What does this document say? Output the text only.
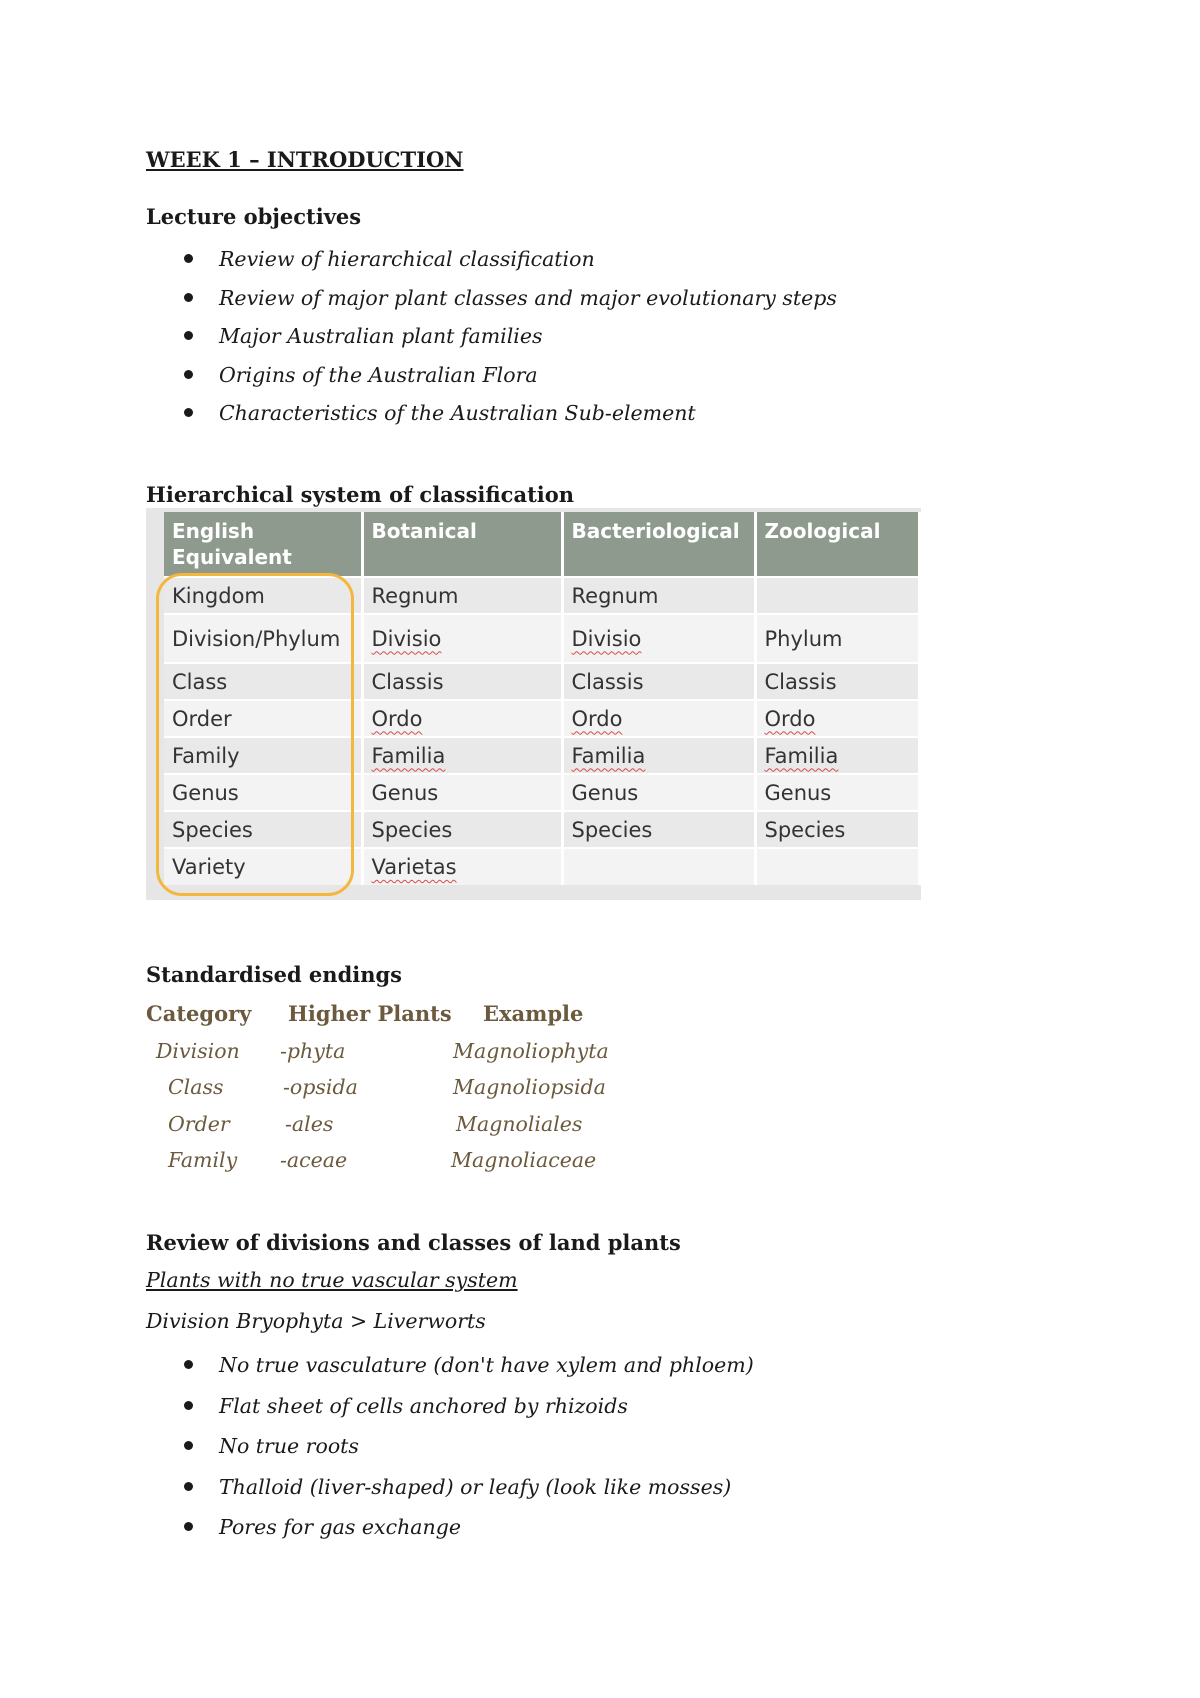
WEEK 1 – INTRODUCTION
Lecture objectives
Review of hierarchical classification
Review of major plant classes and major evolutionary steps
Major Australian plant families
Origins of the Australian Flora
Characteristics of the Australian Sub-element
Hierarchical system of classification
English Equivalent	Botanical	Bacteriological	Zoological
Kingdom	Regnum	Regnum	
Division/Phylum	Divisio	Divisio	Phylum
Class	Classis	Classis	Classis
Order	Ordo	Ordo	Ordo
Family	Familia	Familia	Familia
Genus	Genus	Genus	Genus
Species	Species	Species	Species
Variety	Varietas		
Standardised endings
Category Higher Plants Example
Division -phyta	Magnoliophyta
Class	-opsida	Magnoliopsida
Order	-ales	Magnoliales
Family -aceae	Magnoliaceae
Review of divisions and classes of land plants
Plants with no true vascular system
Division Bryophyta > Liverworts
No true vasculature (don't have xylem and phloem)
Flat sheet of cells anchored by rhizoids
No true roots
Thalloid (liver-shaped) or leafy (look like mosses)
Pores for gas exchange
